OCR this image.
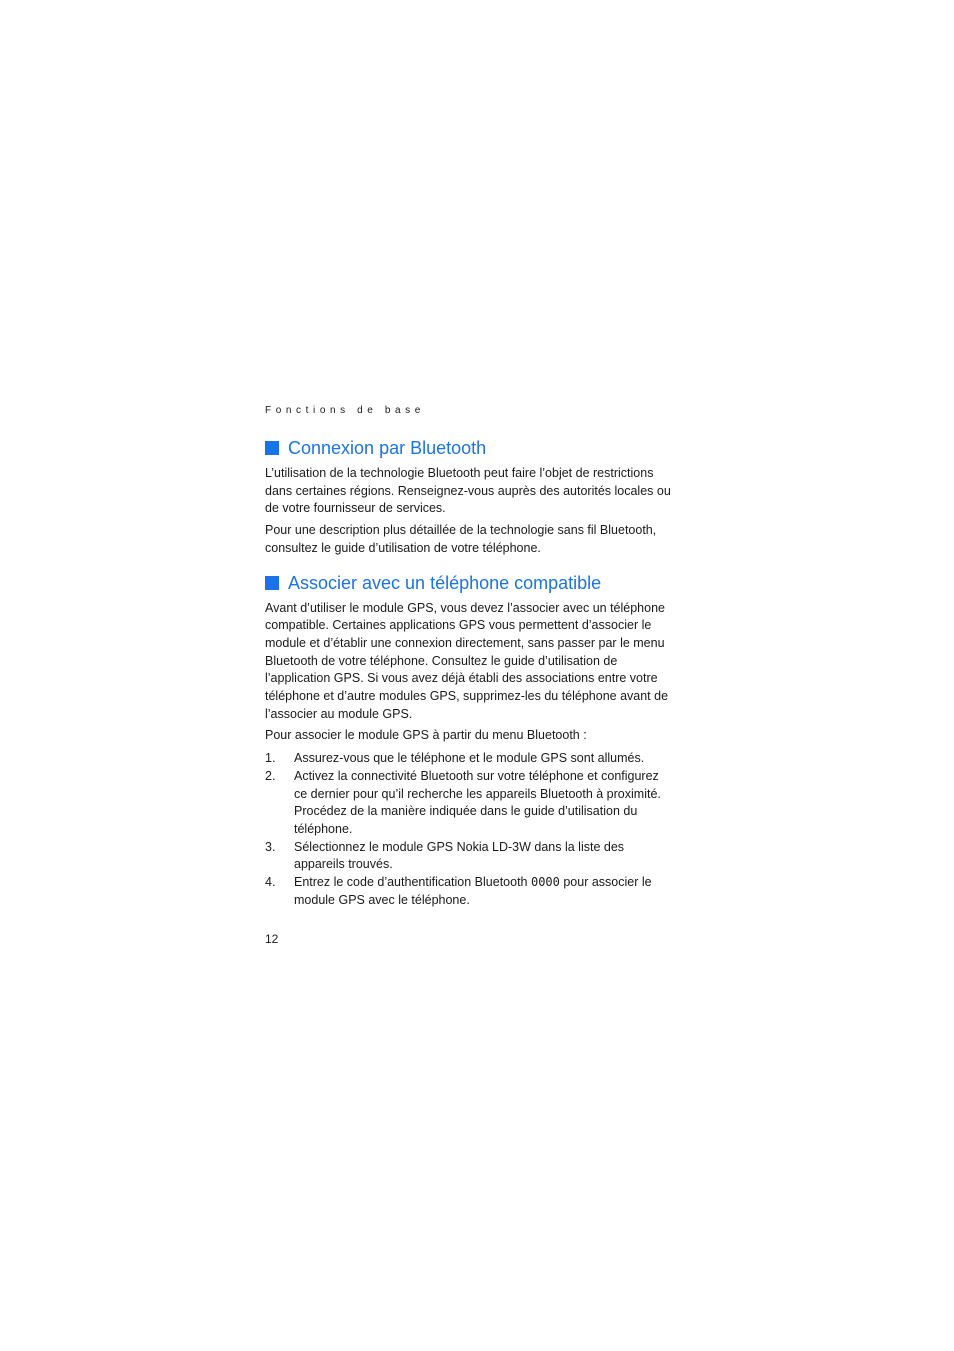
Fonctions de base
Connexion par Bluetooth

L’utilisation de la technologie Bluetooth peut faire l’objet de restrictions dans certaines régions. Renseignez-vous auprès des autorités locales ou de votre fournisseur de services.

Pour une description plus détaillée de la technologie sans fil Bluetooth, consultez le guide d’utilisation de votre téléphone.

Associer avec un téléphone compatible

Avant d’utiliser le module GPS, vous devez l’associer avec un téléphone compatible. Certaines applications GPS vous permettent d’associer le module et d’établir une connexion directement, sans passer par le menu Bluetooth de votre téléphone. Consultez le guide d’utilisation de l’application GPS. Si vous avez déjà établi des associations entre votre téléphone et d’autre modules GPS, supprimez-les du téléphone avant de l’associer au module GPS.

Pour associer le module GPS à partir du menu Bluetooth :

1.	Assurez-vous que le téléphone et le module GPS sont allumés.
2.	Activez la connectivité Bluetooth sur votre téléphone et configurez ce dernier pour qu’il recherche les appareils Bluetooth à proximité. Procédez de la manière indiquée dans le guide d’utilisation du téléphone.
3.	Sélectionnez le module GPS Nokia LD-3W dans la liste des appareils trouvés.
4.	Entrez le code d’authentification Bluetooth 0000 pour associer le module GPS avec le téléphone.
12
